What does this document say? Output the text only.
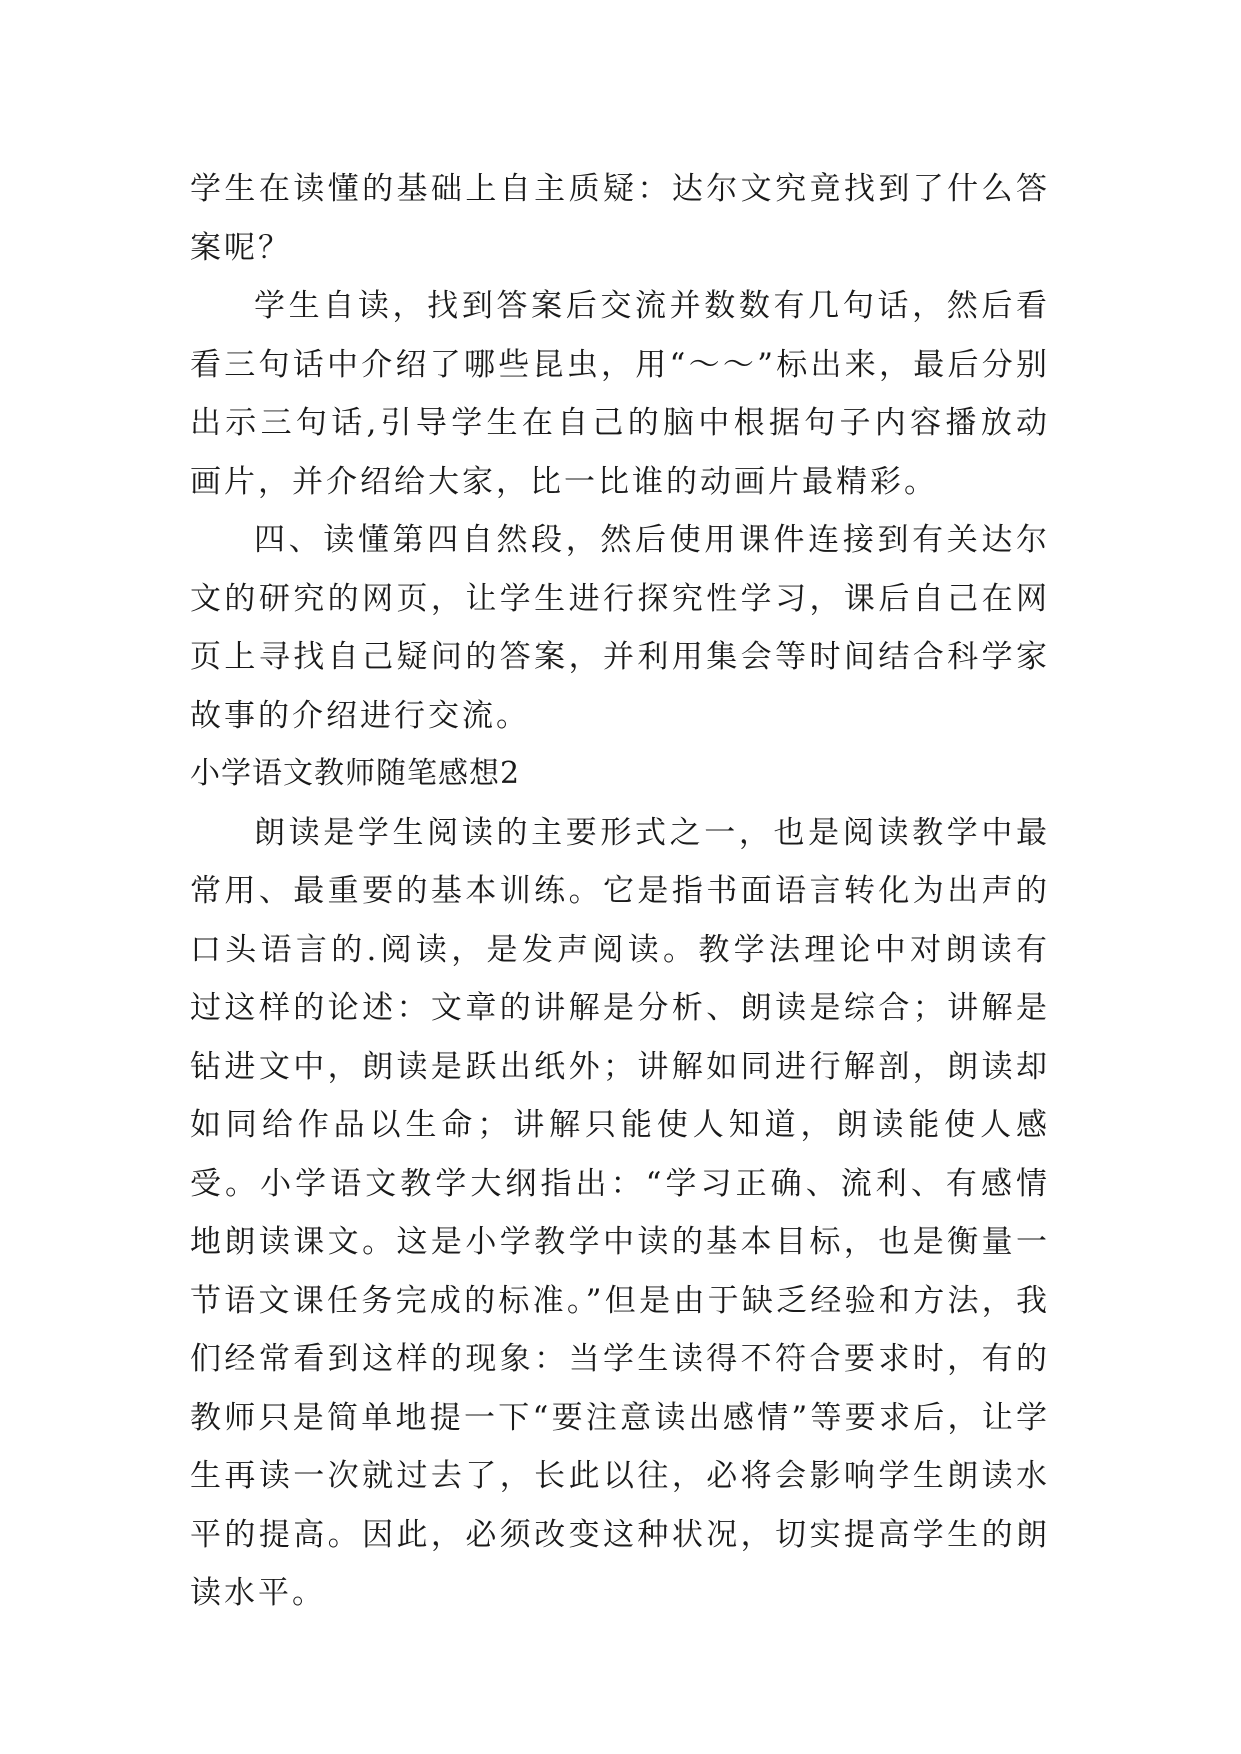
学生在读懂的基础上自主质疑：达尔文究竟找到了什么答案呢？

学生自读，找到答案后交流并数数有几句话，然后看看三句话中介绍了哪些昆虫，用“～～”标出来，最后分别出示三句话,引导学生在自己的脑中根据句子内容播放动画片，并介绍给大家，比一比谁的动画片最精彩。

四、读懂第四自然段，然后使用课件连接到有关达尔文的研究的网页，让学生进行探究性学习，课后自己在网页上寻找自己疑问的答案，并利用集会等时间结合科学家故事的介绍进行交流。

小学语文教师随笔感想2

朗读是学生阅读的主要形式之一，也是阅读教学中最常用、最重要的基本训练。它是指书面语言转化为出声的口头语言的.阅读，是发声阅读。教学法理论中对朗读有过这样的论述：文章的讲解是分析、朗读是综合；讲解是钻进文中，朗读是跃出纸外；讲解如同进行解剖，朗读却如同给作品以生命；讲解只能使人知道，朗读能使人感受。小学语文教学大纲指出：“学习正确、流利、有感情地朗读课文。这是小学教学中读的基本目标，也是衡量一节语文课任务完成的标准。”但是由于缺乏经验和方法，我们经常看到这样的现象：当学生读得不符合要求时，有的教师只是简单地提一下“要注意读出感情”等要求后，让学生再读一次就过去了，长此以往，必将会影响学生朗读水平的提高。因此，必须改变这种状况，切实提高学生的朗读水平。
